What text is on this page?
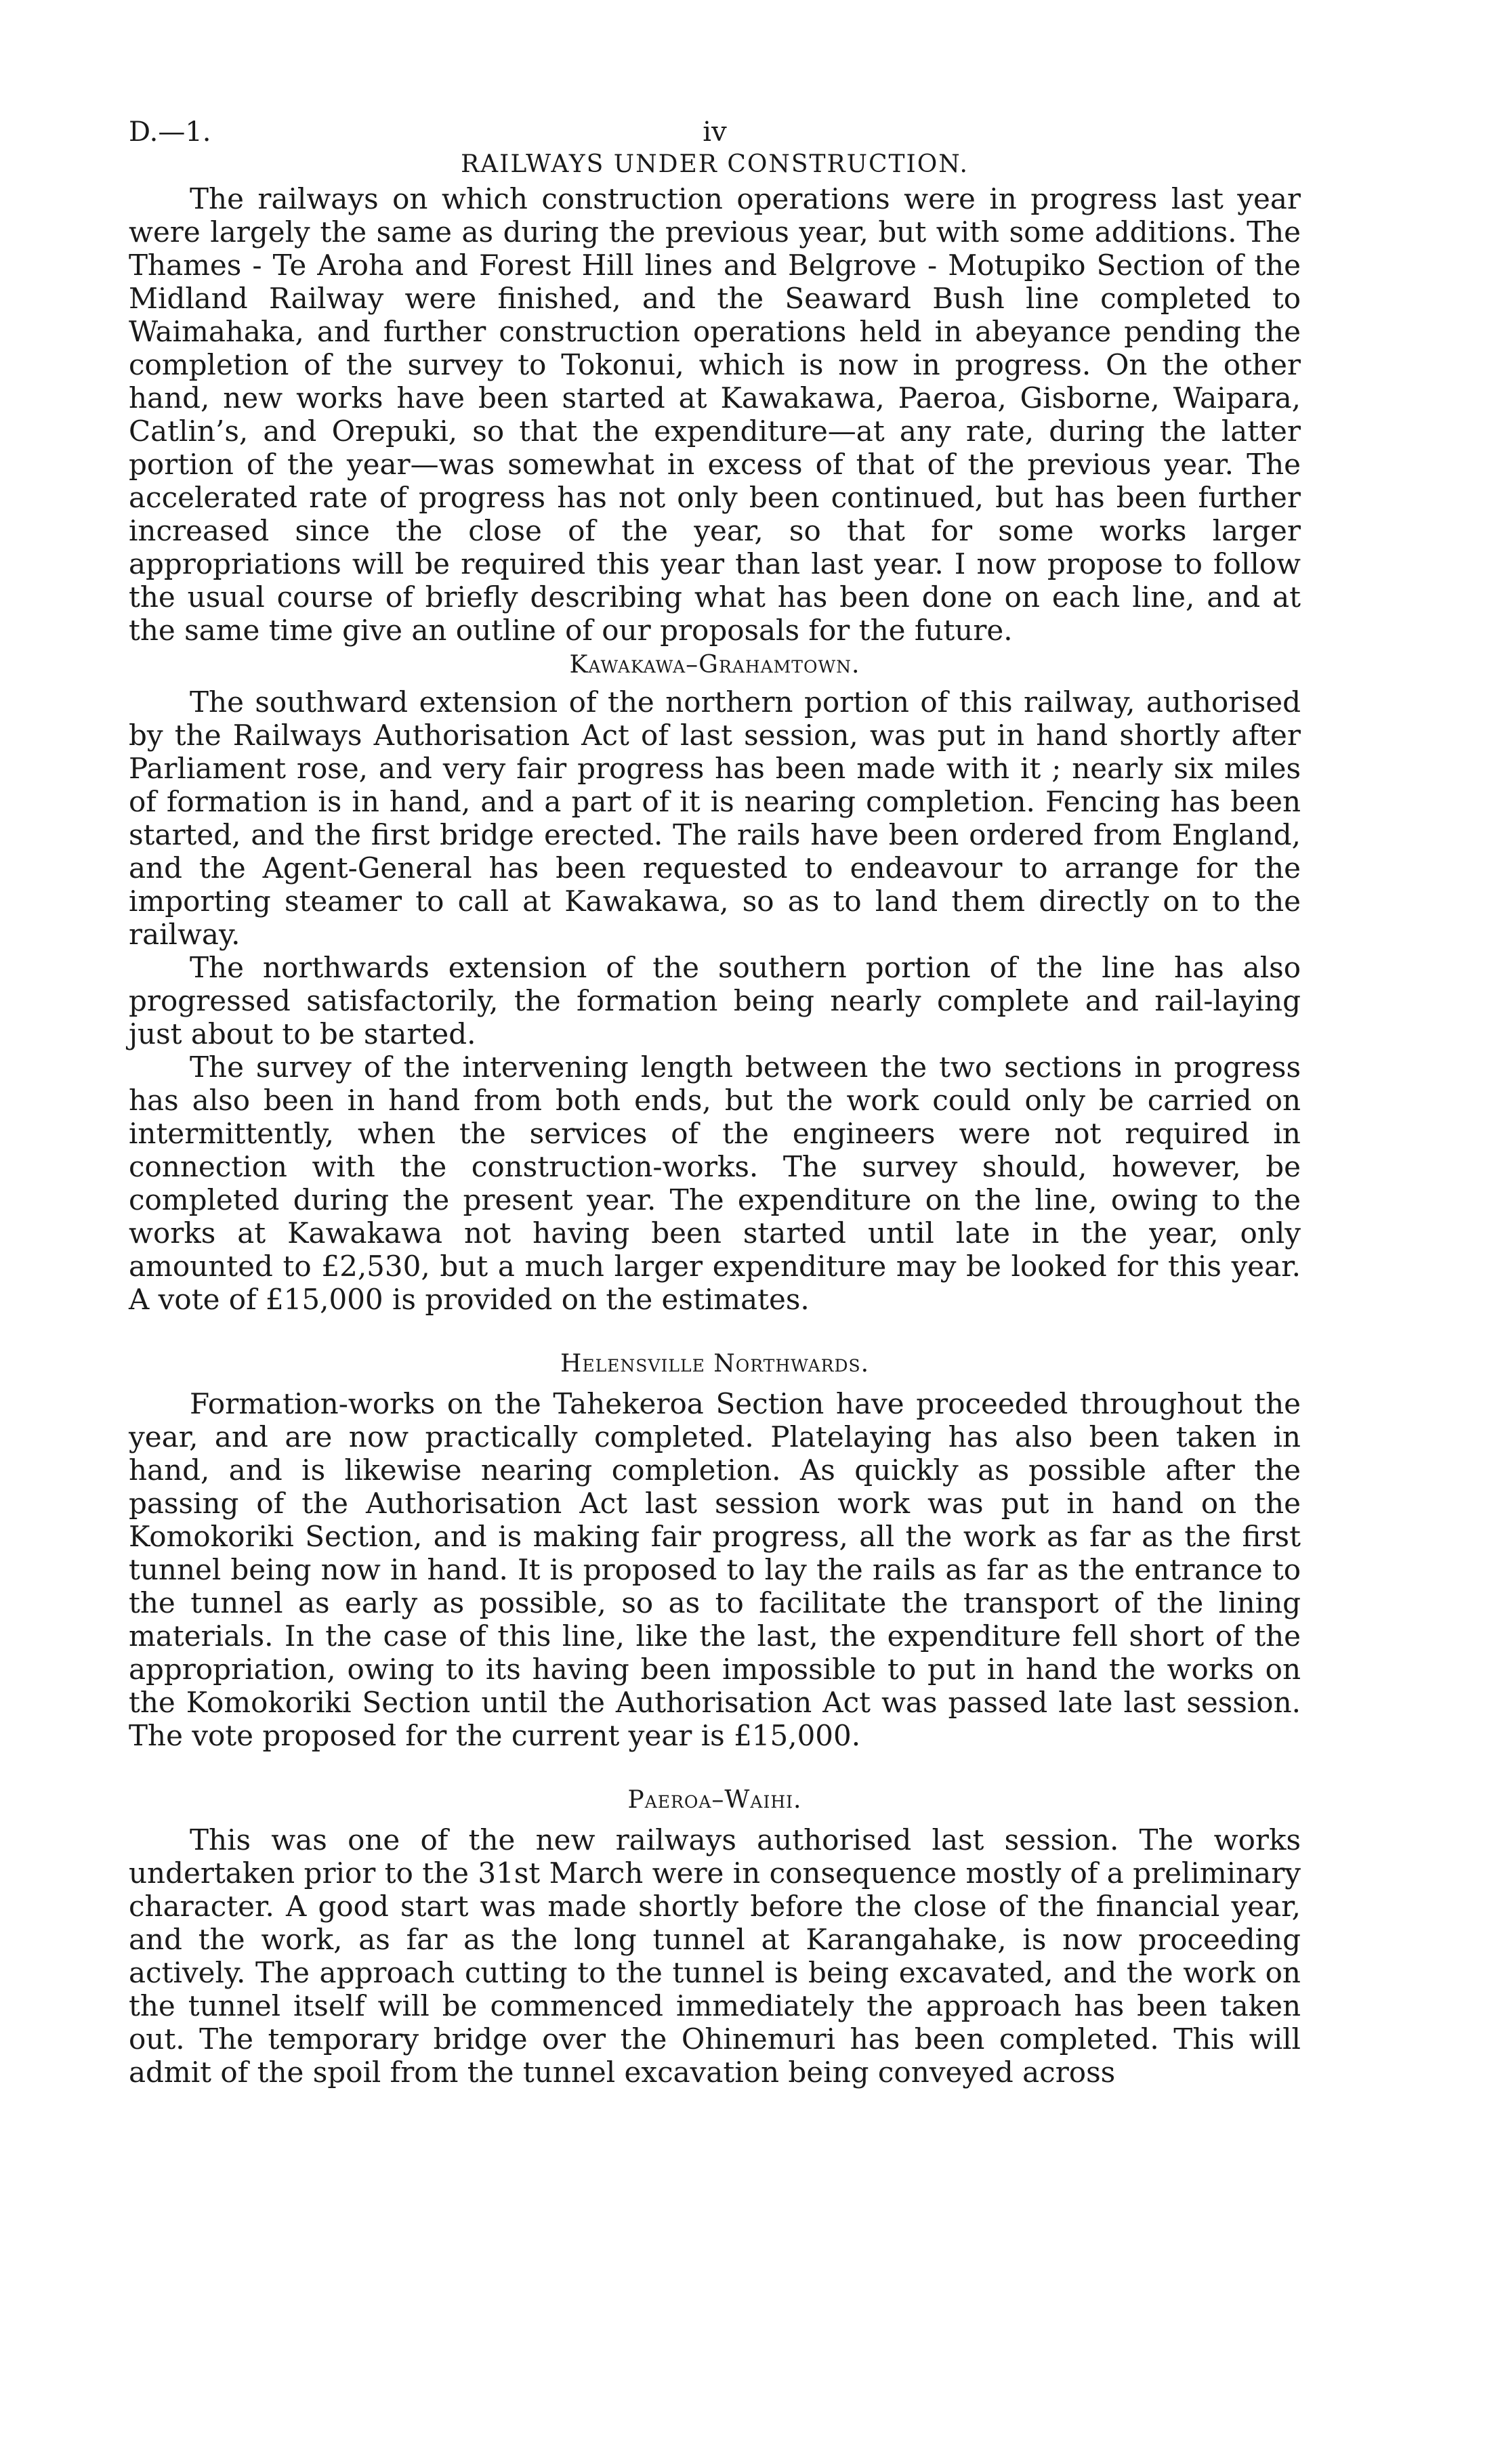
D.—1.	iv
RAILWAYS UNDER CONSTRUCTION.

The railways on which construction operations were in progress last year were largely the same as during the previous year, but with some additions. The Thames - Te Aroha and Forest Hill lines and Belgrove - Motupiko Section of the Midland Railway were finished, and the Seaward Bush line completed to Waimahaka, and further construction operations held in abeyance pending the completion of the survey to Tokonui, which is now in progress. On the other hand, new works have been started at Kawakawa, Paeroa, Gisborne, Waipara, Catlin’s, and Orepuki, so that the expenditure—at any rate, during the latter portion of the year—was somewhat in excess of that of the previous year. The accelerated rate of progress has not only been continued, but has been further increased since the close of the year, so that for some works larger appropriations will be required this year than last year. I now propose to follow the usual course of briefly describing what has been done on each line, and at the same time give an outline of our proposals for the future.

Kawakawa–Grahamtown.

The southward extension of the northern portion of this railway, authorised by the Railways Authorisation Act of last session, was put in hand shortly after Parliament rose, and very fair progress has been made with it ; nearly six miles of formation is in hand, and a part of it is nearing completion. Fencing has been started, and the first bridge erected. The rails have been ordered from England, and the Agent-General has been requested to endeavour to arrange for the importing steamer to call at Kawakawa, so as to land them directly on to the railway.

The northwards extension of the southern portion of the line has also progressed satisfactorily, the formation being nearly complete and rail-laying just about to be started.

The survey of the intervening length between the two sections in progress has also been in hand from both ends, but the work could only be carried on intermittently, when the services of the engineers were not required in connection with the construction-works. The survey should, however, be completed during the present year. The expenditure on the line, owing to the works at Kawakawa not having been started until late in the year, only amounted to £2,530, but a much larger expenditure may be looked for this year. A vote of £15,000 is provided on the estimates.

Helensville Northwards.

Formation-works on the Tahekeroa Section have proceeded throughout the year, and are now practically completed. Platelaying has also been taken in hand, and is likewise nearing completion. As quickly as possible after the passing of the Authorisation Act last session work was put in hand on the Komokoriki Section, and is making fair progress, all the work as far as the first tunnel being now in hand. It is proposed to lay the rails as far as the entrance to the tunnel as early as possible, so as to facilitate the transport of the lining materials. In the case of this line, like the last, the expenditure fell short of the appropriation, owing to its having been impossible to put in hand the works on the Komokoriki Section until the Authorisation Act was passed late last session. The vote proposed for the current year is £15,000.

Paeroa–Waihi.

This was one of the new railways authorised last session. The works undertaken prior to the 31st March were in consequence mostly of a preliminary character. A good start was made shortly before the close of the financial year, and the work, as far as the long tunnel at Karangahake, is now proceeding actively. The approach cutting to the tunnel is being excavated, and the work on the tunnel itself will be commenced immediately the approach has been taken out. The temporary bridge over the Ohinemuri has been completed. This will admit of the spoil from the tunnel excavation being conveyed across
